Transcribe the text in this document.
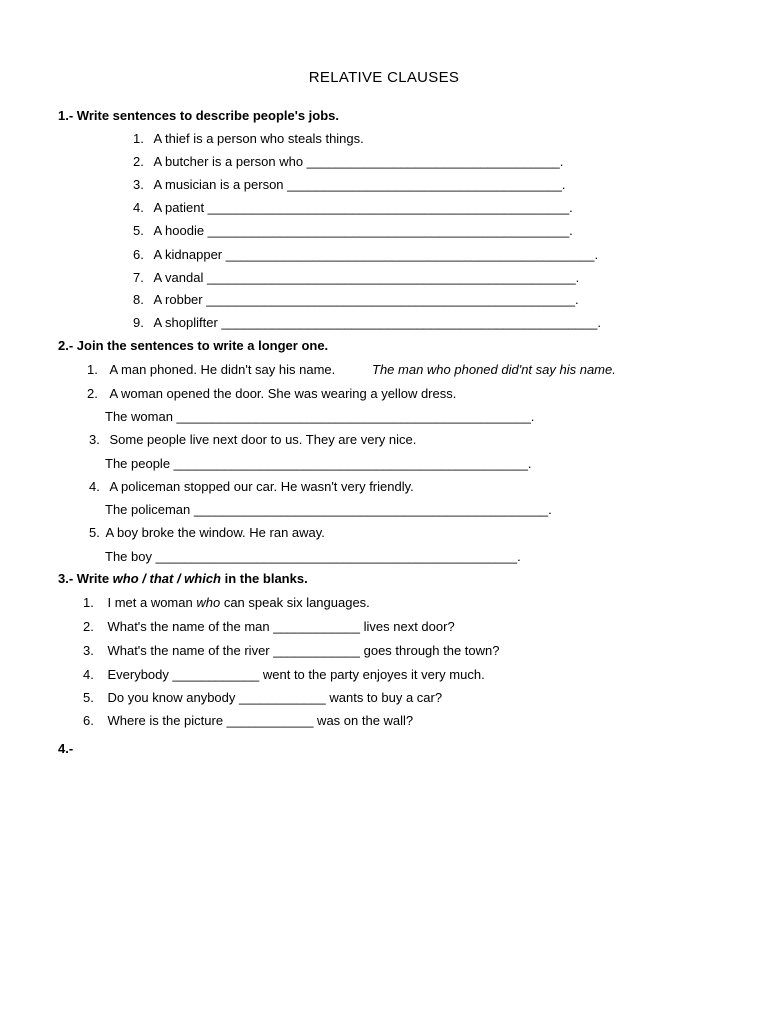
RELATIVE CLAUSES
1.- Write sentences to describe people's jobs.
1. A thief is a person who steals things.
2. A butcher is a person who ___________________________________.
3. A musician is a person ______________________________________.
4. A patient __________________________________________________.
5. A hoodie __________________________________________________.
6. A kidnapper ___________________________________________________.
7. A vandal ___________________________________________________.
8. A robber ___________________________________________________.
9. A shoplifter ____________________________________________________.
2.- Join the sentences to write a longer one.
1. A man phoned. He didn't say his name.	The man who phoned did'nt say his name.
2. A woman opened the door. She was wearing a yellow dress.
The woman _________________________________________________.
3. Some people live next door to us. They are very nice.
The people _________________________________________________.
4. A policeman stopped our car. He wasn't very friendly.
The policeman _________________________________________________.
5. A boy broke the window. He ran away.
The boy __________________________________________________.
3.- Write who / that / which in the blanks.
1. I met a woman who can speak six languages.
2. What's the name of the man ____________ lives next door?
3. What's the name of the river ____________ goes through the town?
4. Everybody ____________ went to the party enjoyes it very much.
5. Do you know anybody ____________ wants to buy a car?
6. Where is the picture ____________ was on the wall?
4.-
